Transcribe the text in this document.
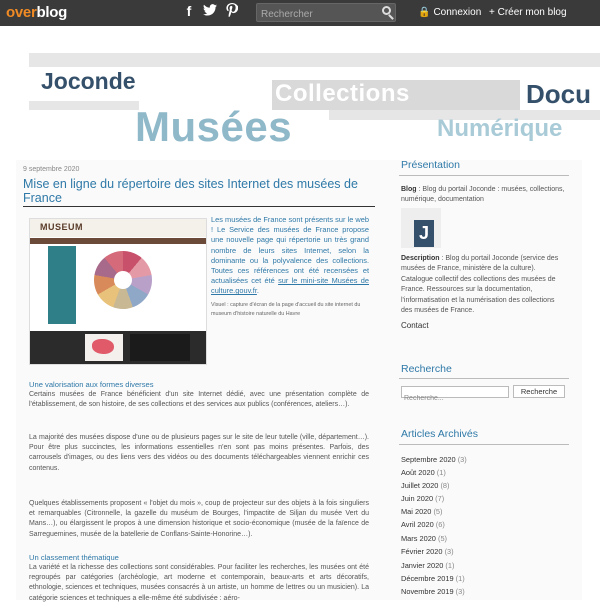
overblog	f
Rechercher	🔒 Connexion + Créer mon blog
Joconde	Collections	Docu
Musées	Numérique
9 septembre 2020
Mise en ligne du répertoire des sites Internet des musées de France
MUSEUM
Les musées de France sont présents sur le web ! Le Service des musées de France propose une nouvelle page qui répertorie un très grand nombre de leurs sites Internet, selon la dominante ou la polyvalence des collections. Toutes ces références ont été recensées et actualisées cet été sur le mini-site Musées de culture.gouv.fr.
Visuel : capture d'écran de la page d'accueil du site internet du museum d'histoire naturelle du Havre
Une valorisation aux formes diverses
Certains musées de France bénéficient d'un site Internet dédié, avec une présentation complète de l'établissement, de son histoire, de ses collections et des services aux publics (conférences, ateliers…).
La majorité des musées dispose d'une ou de plusieurs pages sur le site de leur tutelle (ville, département…). Pour être plus succinctes, les informations essentielles n'en sont pas moins présentes. Parfois, des carrousels d'images, ou des liens vers des vidéos ou des documents téléchargeables viennent enrichir ces contenus.
Quelques établissements proposent « l'objet du mois », coup de projecteur sur des objets à la fois singuliers et remarquables (Citronnelle, la gazelle du muséum de Bourges, l'impactite de Siljan du musée Vert du Mans…), ou élargissent le propos à une dimension historique et socio-économique (musée de la faïence de Sarreguemines, musée de la batellerie de Conflans-Sainte-Honorine…).
Un classement thématique
La variété et la richesse des collections sont considérables. Pour faciliter les recherches, les musées ont été regroupés par catégories (archéologie, art moderne et contemporain, beaux-arts et arts décoratifs, ethnologie, sciences et techniques, musées consacrés à un artiste, un homme de lettres ou un musicien). La catégorie sciences et techniques a elle-même été subdivisée : aéro-
Présentation
Blog : Blog du portail Joconde : musées, collections, numérique, documentation
J
Description : Blog du portail Joconde (service des musées de France, ministère de la culture). Catalogue collectif des collections des musées de France. Ressources sur la documentation, l'informatisation et la numérisation des collections des musées de France.
Contact
Recherche
Recherche...
Recherche
Articles Archivés
Septembre 2020 (3)
Août 2020 (1)
Juillet 2020 (8)
Juin 2020 (7)
Mai 2020 (5)
Avril 2020 (6)
Mars 2020 (5)
Février 2020 (3)
Janvier 2020 (1)
Décembre 2019 (1)
Novembre 2019 (3)
